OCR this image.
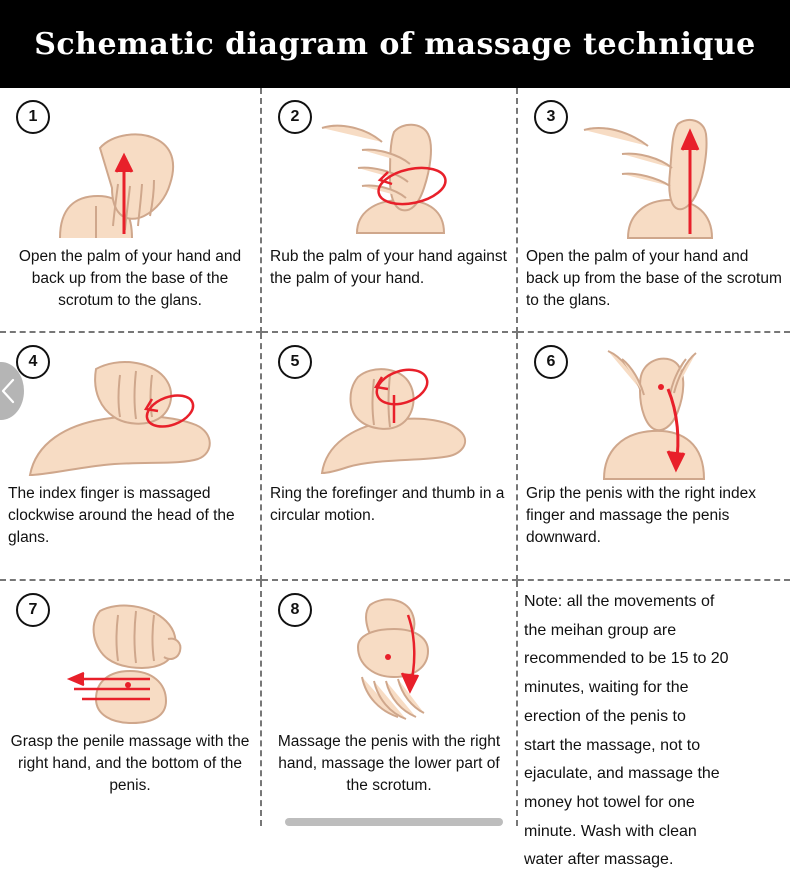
Schematic diagram of massage technique
1
Open the palm of your hand and back up from the base of the scrotum to the glans.
2
Rub the palm of your hand against the palm of your hand.
3
Open the palm of your hand and back up from the base of the scrotum to the glans.
4
The index finger is massaged clockwise around the head of the glans.
5
Ring the forefinger and thumb in a circular motion.
6
Grip the penis with the right index finger and massage the penis downward.
7
Grasp the penile massage with the right hand, and the bottom of the penis.
8
Massage the penis with the right hand, massage the lower part of the scrotum.
Note: all the movements of
the meihan group are
recommended to be 15 to 20
minutes, waiting for the
erection of the penis to
start the massage, not to
ejaculate, and massage the
money hot towel for one
minute. Wash with clean
water after massage.
